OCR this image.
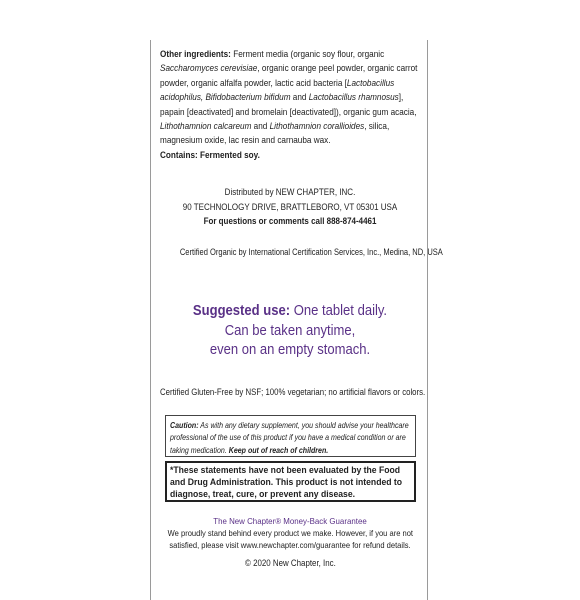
Other ingredients: Ferment media (organic soy flour, organic Saccharomyces cerevisiae, organic orange peel powder, organic carrot powder, organic alfalfa powder, lactic acid bacteria [Lactobacillus acidophilus, Bifidobacterium bifidum and Lactobacillus rhamnosus], papain [deactivated] and bromelain [deactivated]), organic gum acacia, Lithothamnion calcareum and Lithothamnion corallioides, silica, magnesium oxide, lac resin and carnauba wax.
Contains: Fermented soy.
Distributed by NEW CHAPTER, INC.
90 TECHNOLOGY DRIVE, BRATTLEBORO, VT 05301 USA
For questions or comments call 888-874-4461
Certified Organic by International Certification Services, Inc., Medina, ND, USA
Suggested use: One tablet daily.
Can be taken anytime,
even on an empty stomach.
Certified Gluten-Free by NSF; 100% vegetarian; no artificial flavors or colors.
Caution: As with any dietary supplement, you should advise your healthcare professional of the use of this product if you have a medical condition or are taking medication. Keep out of reach of children.
*These statements have not been evaluated by the Food and Drug Administration. This product is not intended to diagnose, treat, cure, or prevent any disease.
The New Chapter® Money-Back Guarantee
We proudly stand behind every product we make. However, if you are not
satisfied, please visit www.newchapter.com/guarantee for refund details.
© 2020 New Chapter, Inc.
